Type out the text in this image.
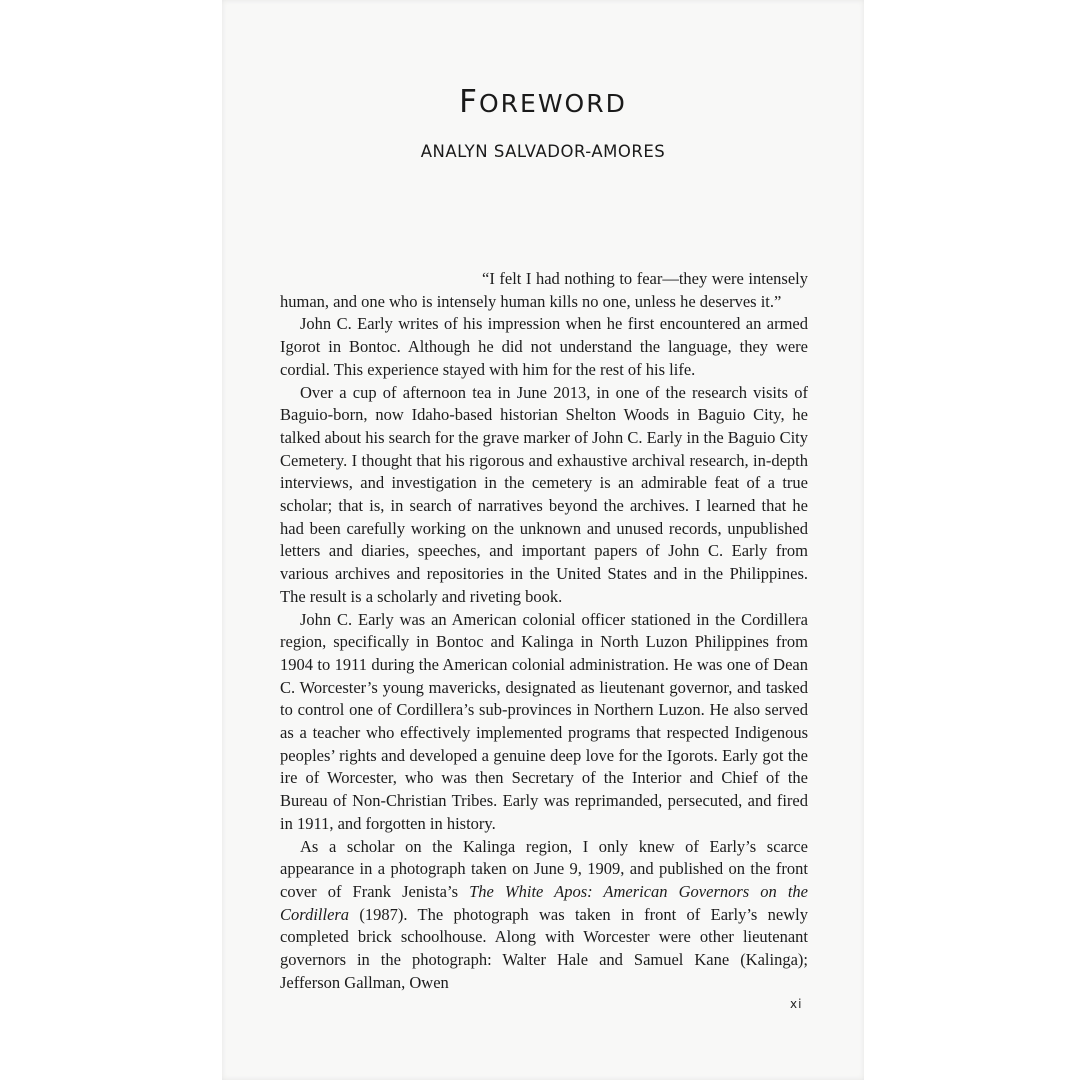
FOREWORD
ANALYN SALVADOR-AMORES

“I felt I had nothing to fear—they were intensely human, and one who is intensely human kills no one, unless he deserves it.”

John C. Early writes of his impression when he first encountered an armed Igorot in Bontoc. Although he did not understand the language, they were cordial. This experience stayed with him for the rest of his life.

Over a cup of afternoon tea in June 2013, in one of the research visits of Baguio-born, now Idaho-based historian Shelton Woods in Baguio City, he talked about his search for the grave marker of John C. Early in the Baguio City Cemetery. I thought that his rigorous and exhaustive archival research, in-depth interviews, and investigation in the cemetery is an admirable feat of a true scholar; that is, in search of narratives beyond the archives. I learned that he had been carefully working on the unknown and unused records, unpublished letters and diaries, speeches, and important papers of John C. Early from various archives and repositories in the United States and in the Philippines. The result is a scholarly and riveting book.

John C. Early was an American colonial officer stationed in the Cordillera region, specifically in Bontoc and Kalinga in North Luzon Philippines from 1904 to 1911 during the American colonial administration. He was one of Dean C. Worcester’s young mavericks, designated as lieutenant governor, and tasked to control one of Cordillera’s sub-provinces in Northern Luzon. He also served as a teacher who effectively implemented programs that respected Indigenous peoples’ rights and developed a genuine deep love for the Igorots. Early got the ire of Worcester, who was then Secretary of the Interior and Chief of the Bureau of Non-Christian Tribes. Early was reprimanded, persecuted, and fired in 1911, and forgotten in history.

As a scholar on the Kalinga region, I only knew of Early’s scarce appearance in a photograph taken on June 9, 1909, and published on the front cover of Frank Jenista’s The White Apos: American Governors on the Cordillera (1987). The photograph was taken in front of Early’s newly completed brick schoolhouse. Along with Worcester were other lieutenant governors in the photograph: Walter Hale and Samuel Kane (Kalinga); Jefferson Gallman, Owen

xi
